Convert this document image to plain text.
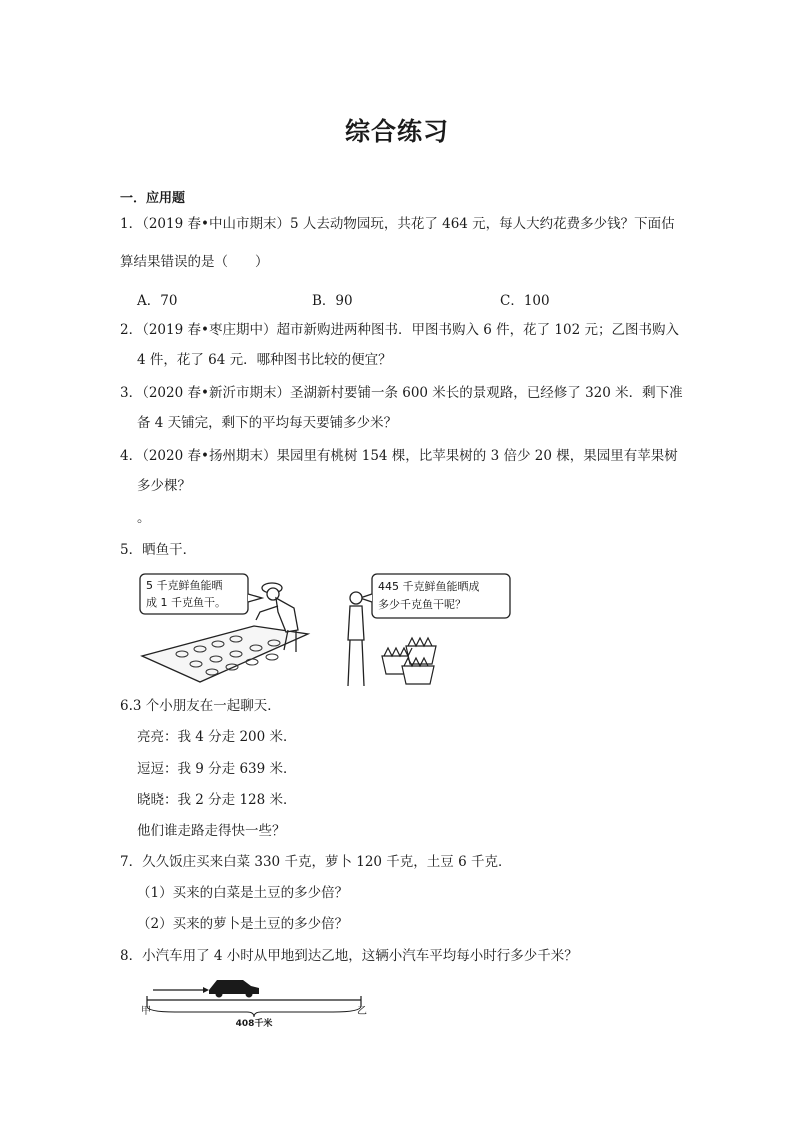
综合练习
一．应用题
1．（2019 春•中山市期末）5 人去动物园玩，共花了 464 元，每人大约花费多少钱？下面估
算结果错误的是（　　）
A．70	B．90	C．100
2．（2019 春•枣庄期中）超市新购进两种图书．甲图书购入 6 件，花了 102 元；乙图书购入
4 件，花了 64 元．哪种图书比较的便宜？
3．（2020 春•新沂市期末）圣湖新村要铺一条 600 米长的景观路，已经修了 320 米．剩下准
备 4 天铺完，剩下的平均每天要铺多少米？
4．（2020 春•扬州期末）果园里有桃树 154 棵，比苹果树的 3 倍少 20 棵，果园里有苹果树
多少棵？
。
5．晒鱼干．
5 千克鲜鱼能晒
成 1 千克鱼干。
445 千克鲜鱼能晒成
多少千克鱼干呢？
6.3 个小朋友在一起聊天．
亮亮：我 4 分走 200 米．
逗逗：我 9 分走 639 米．
晓晓：我 2 分走 128 米．
他们谁走路走得快一些？
7．久久饭庄买来白菜 330 千克，萝卜 120 千克，土豆 6 千克．
（1）买来的白菜是土豆的多少倍？
（2）买来的萝卜是土豆的多少倍？
8．小汽车用了 4 小时从甲地到达乙地，这辆小汽车平均每小时行多少千米？
甲	乙
408千米
